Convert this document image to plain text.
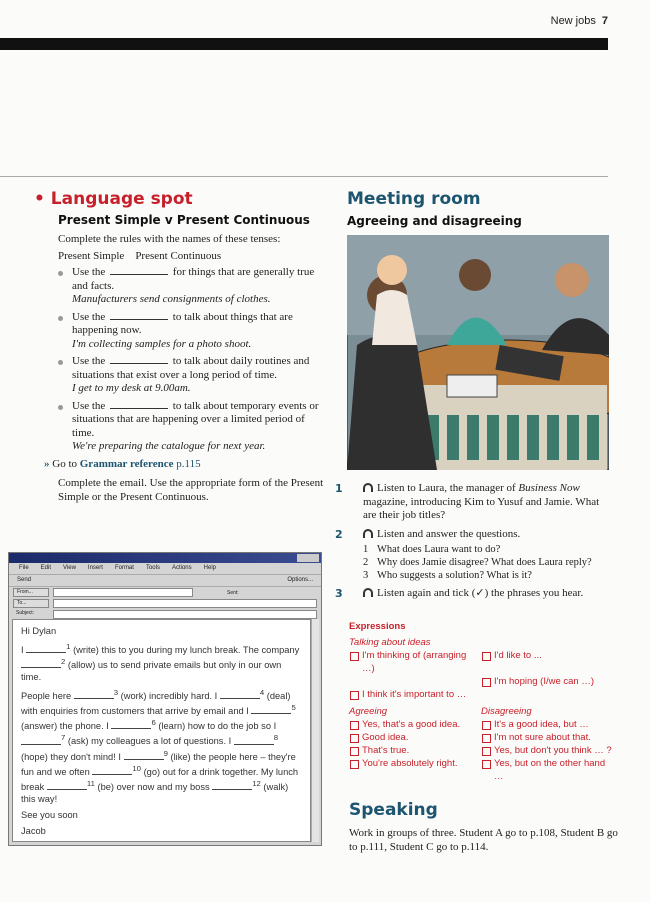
New jobs 7
• Language spot
Present Simple v Present Continuous

Complete the rules with the names of these tenses:

Present Simple Present Continuous

Use the	for things that are generally true and facts.
Manufacturers send consignments of clothes.
Use the	to talk about things that are happening now.
I'm collecting samples for a photo shoot.
Use the	to talk about daily routines and situations that exist over a long period of time.
I get to my desk at 9.00am.
Use the	to talk about temporary events or situations that are happening over a limited period of time.
We're preparing the catalogue for next year.
» Go to Grammar reference p.115

Complete the email. Use the appropriate form of the Present Simple or the Present Continuous.

File Edit View Insert Format Tools Actions Help
Send	Options...
From...	Sent:
To...
Subject:

Hi Dylan

I	$^1$ (write) this to you during my lunch break. The company $^2$ (allow) us to send private emails but only in our own time.

People here	$^3$ (work) incredibly hard. I	$^4$ (deal) with enquiries from customers that arrive by email and I	$^5$ (answer) the phone. I	$^6$ (learn) how to do the job so I $^7$ (ask) my colleagues a lot of questions. I	$^8$ (hope) they don't mind! I	$^9$ (like) the people here – they're fun and we often	$^{10}$ (go) out for a drink together. My lunch break	$^{11}$ (be) over now and my boss	$^{12}$ (walk) this way!

See you soon

Jacob

Meeting room
Agreeing and disagreeing
1	Listen to Laura, the manager of Business Now magazine, introducing Kim to Yusuf and Jamie. What are their job titles?
2	Listen and answer the questions.
1 What does Laura want to do?
2 Why does Jamie disagree? What does Laura reply?
3 Who suggests a solution? What is it?
3	Listen again and tick (✓) the phrases you hear.
Expressions
Talking about ideas
I'm thinking of (arranging …)
I'd like to ...
I'm hoping (I/we can …)
I think it's important to …
Agreeing
Yes, that's a good idea.
Good idea.
That's true.
You're absolutely right.
Disagreeing
It's a good idea, but …
I'm not sure about that.
Yes, but don't you think … ?
Yes, but on the other hand …
Speaking

Work in groups of three. Student A go to p.108, Student B go to p.111, Student C go to p.114.
